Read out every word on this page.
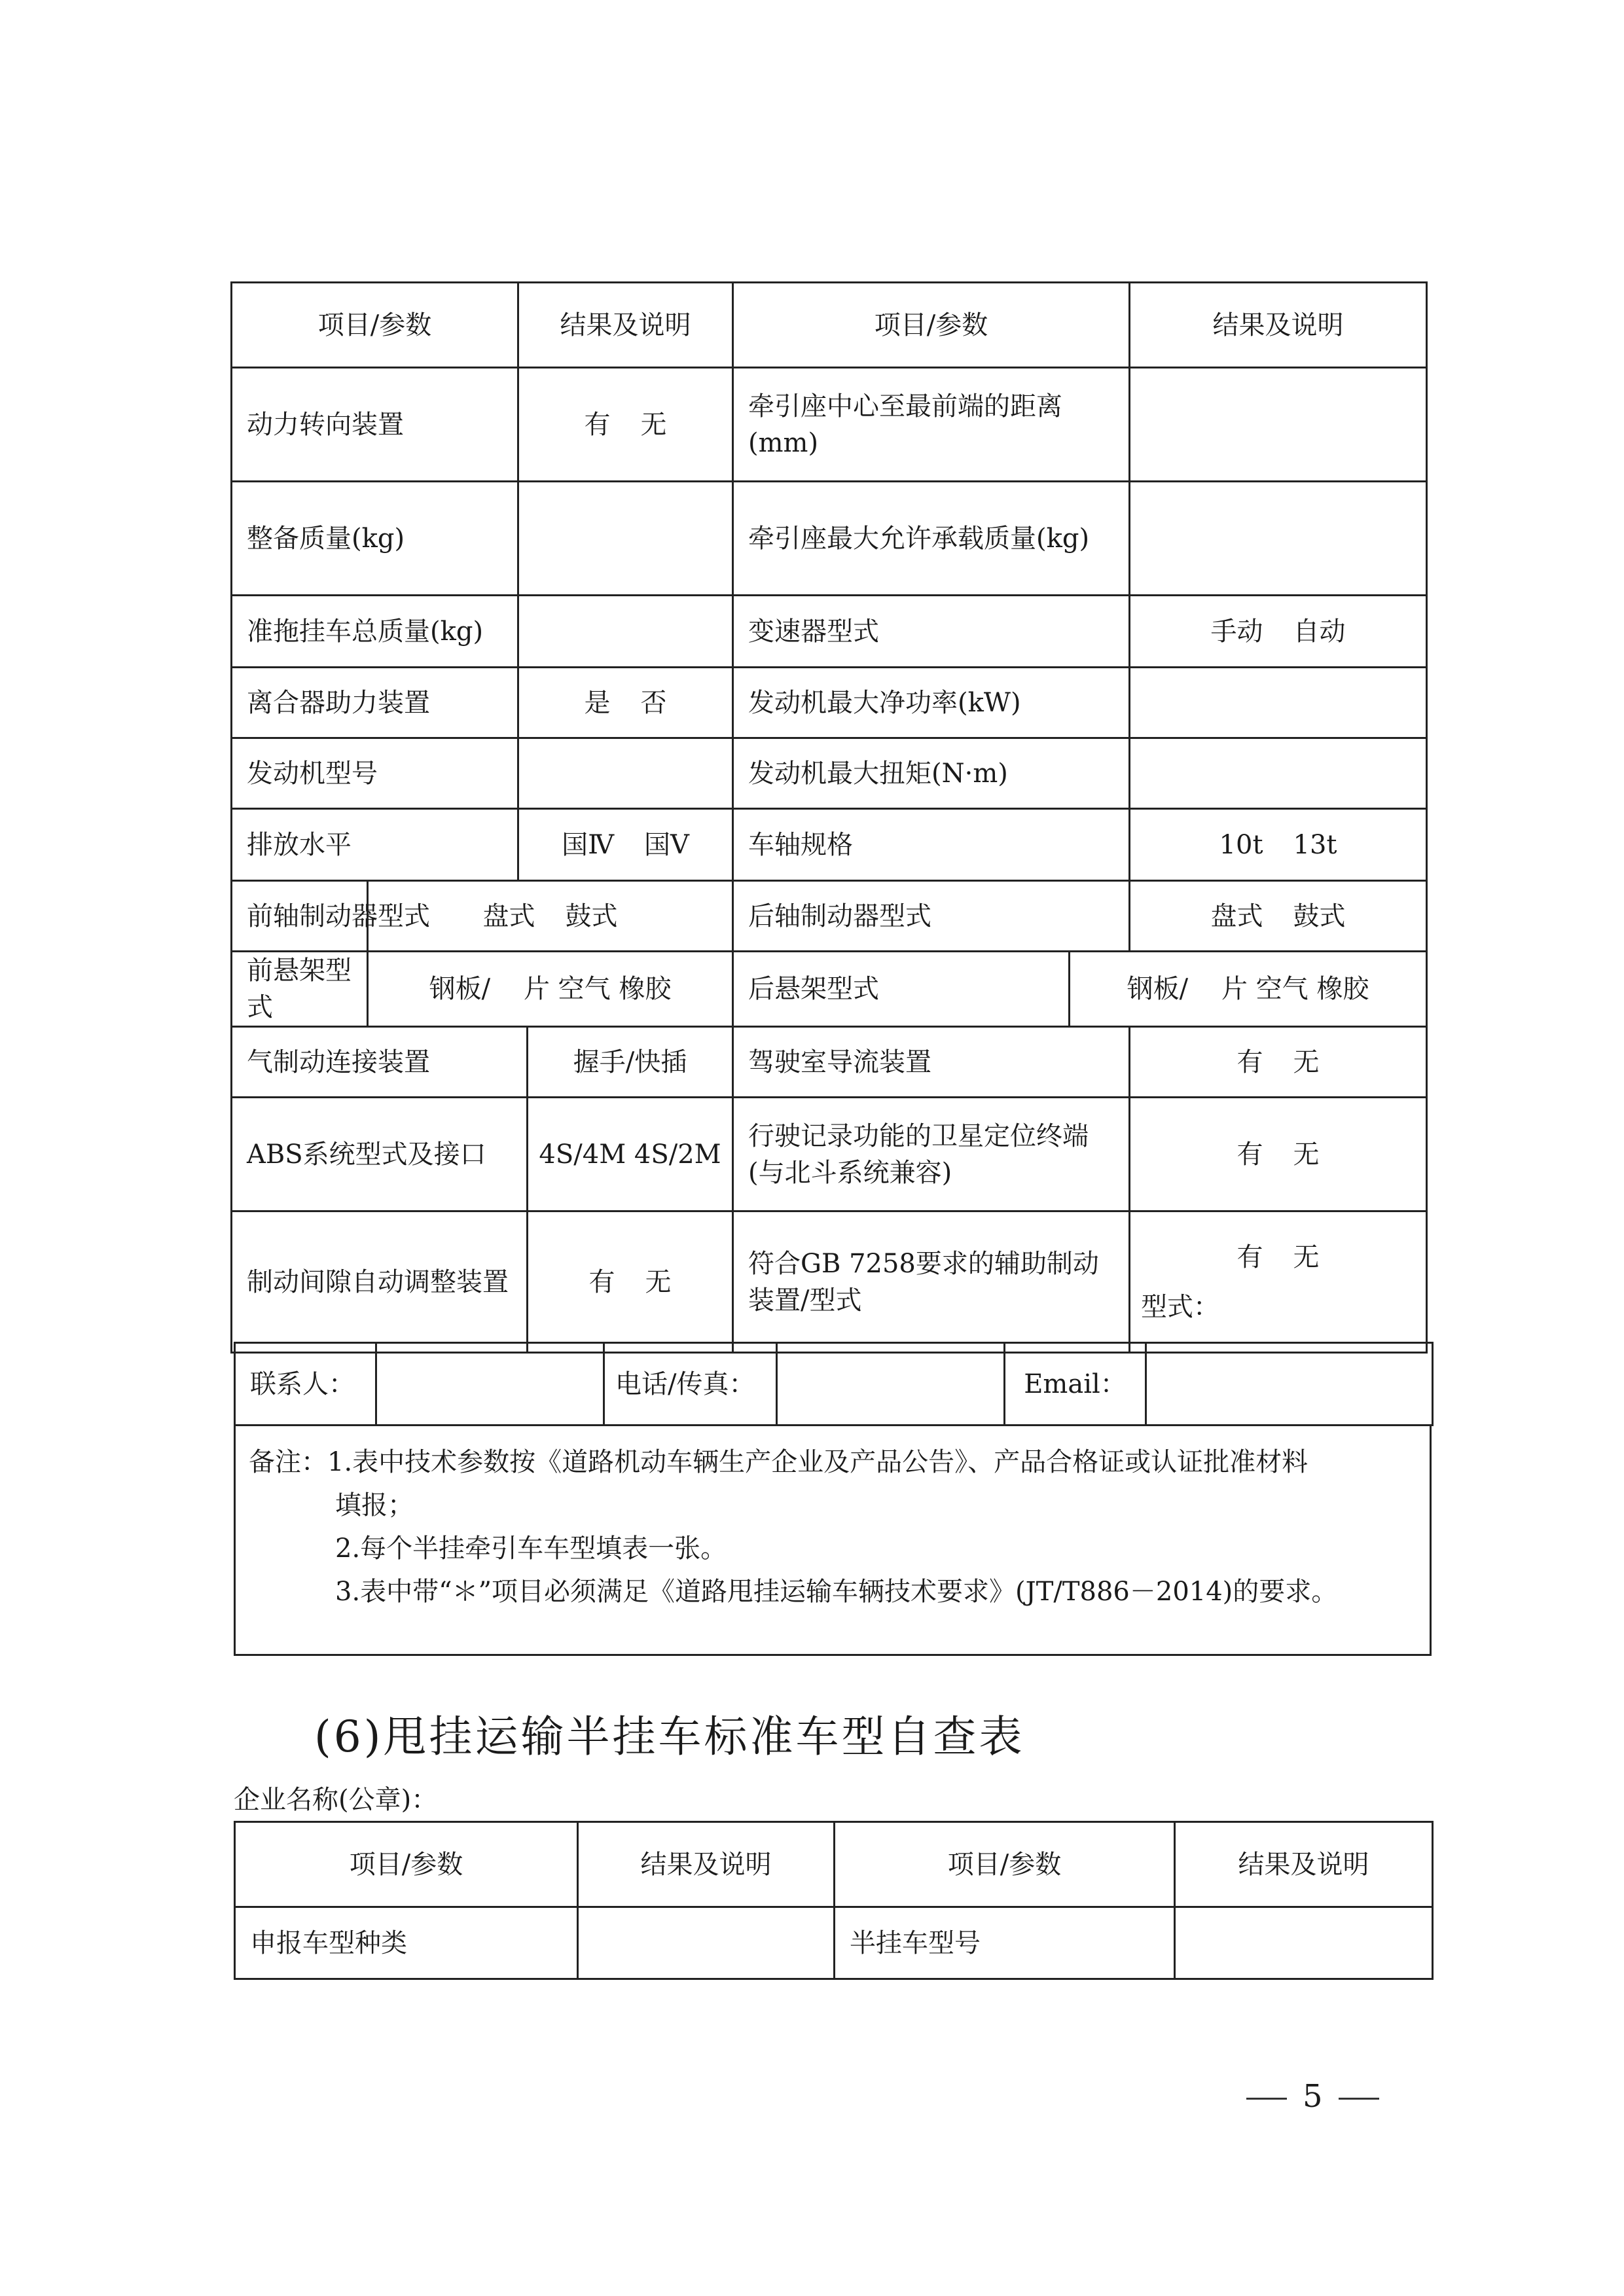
项目/参数		结果及说明		项目/参数		结果及说明
动力转向装置		有 无		牵引座中心至最前端的距离(mm)		
整备质量(kg)				牵引座最大允许承载质量(kg)		
准拖挂车总质量(kg)				变速器型式		手动 自动
离合器助力装置		是 否		发动机最大净功率(kW)		
发动机型号				发动机最大扭矩(N·m)		
排放水平		国Ⅳ 国Ⅴ		车轴规格		10t 13t
前轴制动器型式	盘式 鼓式			后轴制动器型式		盘式 鼓式
前悬架型式	钢板/ 片 空气 橡胶			后悬架型式	钢板/ 片 空气 橡胶	
气制动连接装置			握手/快插	驾驶室导流装置		有 无
ABS系统型式及接口			4S/4M 4S/2M	行驶记录功能的卫星定位终端(与北斗系统兼容)		有 无
制动间隙自动调整装置			有 无	符合GB 7258要求的辅助制动装置/型式		有 无
型式：
联系人：		电话/传真：		Email：	
备注：1.表中技术参数按《道路机动车辆生产企业及产品公告》、产品合格证或认证批准材料
填报；
2.每个半挂牵引车车型填表一张。
3.表中带“＊”项目必须满足《道路甩挂运输车辆技术要求》(JT/T886－2014)的要求。
(6)甩挂运输半挂车标准车型自查表
企业名称(公章)：
项目/参数	结果及说明	项目/参数	结果及说明
申报车型种类		半挂车型号	
5
